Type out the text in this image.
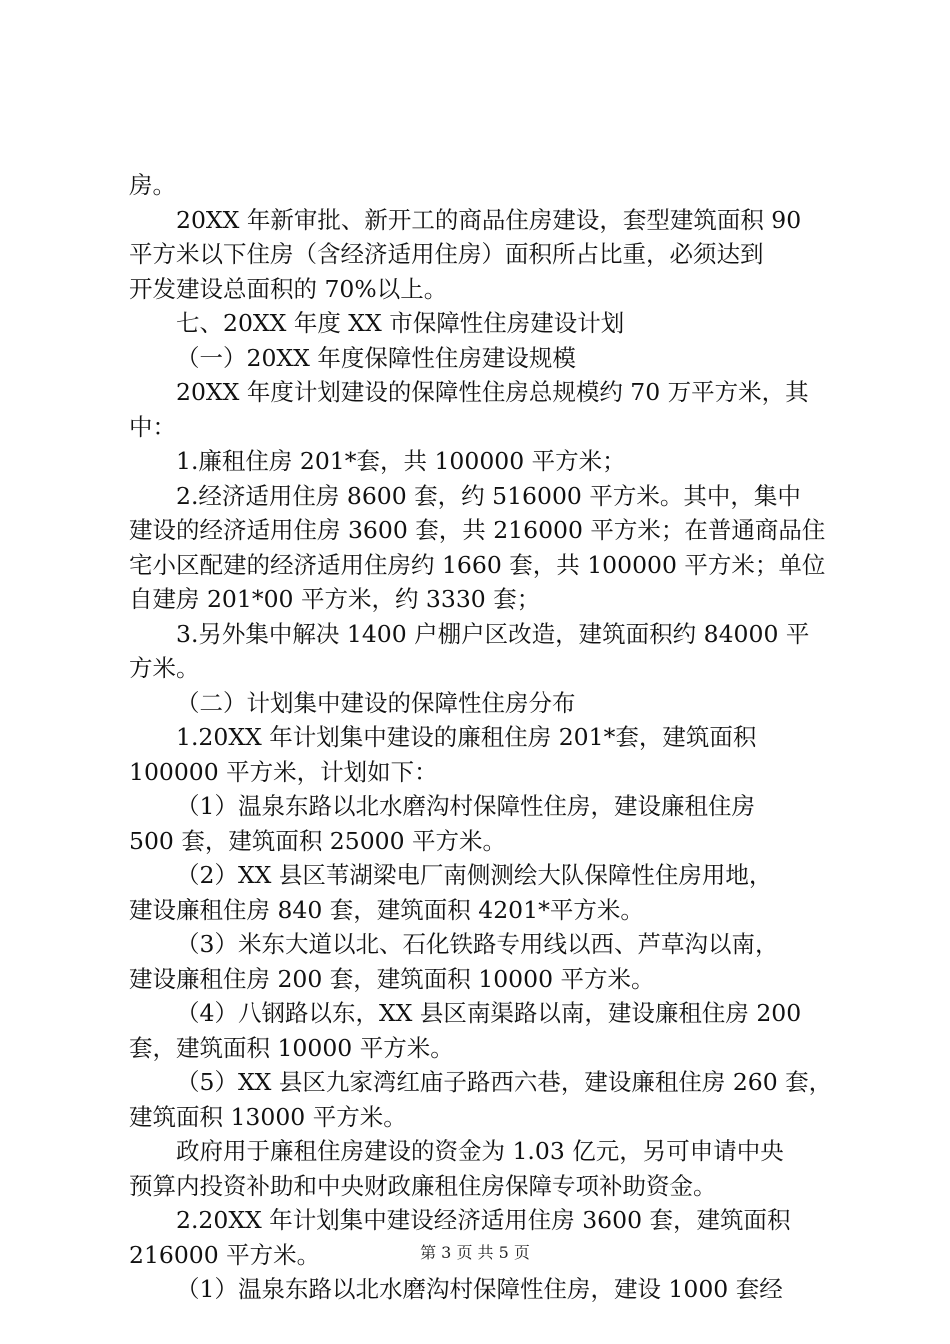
房。
20XX 年新审批、新开工的商品住房建设，套型建筑面积 90
平方米以下住房（含经济适用住房）面积所占比重，必须达到
开发建设总面积的 70%以上。
七、20XX 年度 XX 市保障性住房建设计划
（一）20XX 年度保障性住房建设规模
20XX 年度计划建设的保障性住房总规模约 70 万平方米，其
中：
1.廉租住房 201*套，共 100000 平方米；
2.经济适用住房 8600 套，约 516000 平方米。其中，集中
建设的经济适用住房 3600 套，共 216000 平方米；在普通商品住
宅小区配建的经济适用住房约 1660 套，共 100000 平方米；单位
自建房 201*00 平方米，约 3330 套；
3.另外集中解决 1400 户棚户区改造，建筑面积约 84000 平
方米。
（二）计划集中建设的保障性住房分布
1.20XX 年计划集中建设的廉租住房 201*套，建筑面积
100000 平方米，计划如下：
（1）温泉东路以北水磨沟村保障性住房，建设廉租住房
500 套，建筑面积 25000 平方米。
（2）XX 县区苇湖梁电厂南侧测绘大队保障性住房用地，
建设廉租住房 840 套，建筑面积 4201*平方米。
（3）米东大道以北、石化铁路专用线以西、芦草沟以南，
建设廉租住房 200 套，建筑面积 10000 平方米。
（4）八钢路以东，XX 县区南渠路以南，建设廉租住房 200
套，建筑面积 10000 平方米。
（5）XX 县区九家湾红庙子路西六巷，建设廉租住房 260 套，
建筑面积 13000 平方米。
政府用于廉租住房建设的资金为 1.03 亿元，另可申请中央
预算内投资补助和中央财政廉租住房保障专项补助资金。
2.20XX 年计划集中建设经济适用住房 3600 套，建筑面积
216000 平方米。
（1）温泉东路以北水磨沟村保障性住房，建设 1000 套经
第 3 页 共 5 页
